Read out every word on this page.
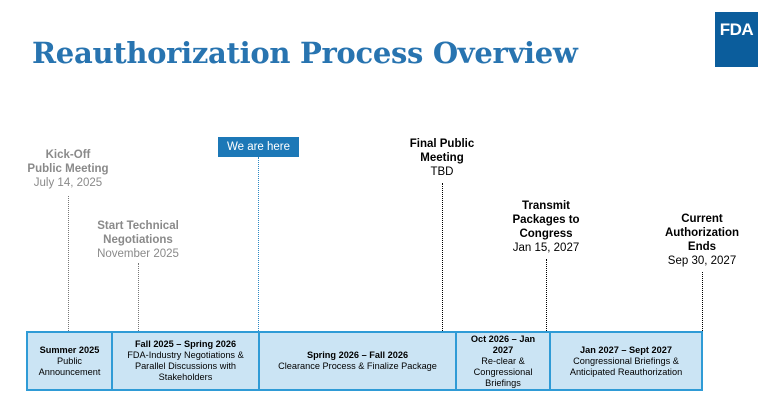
Reauthorization Process Overview
FDA
Kick-Off
Public Meeting
July 14, 2025
Start Technical
Negotiations
November 2025
Final Public
Meeting
TBD
Transmit
Packages to
Congress
Jan 15, 2027
Current
Authorization
Ends
Sep 30, 2027
We are here
Summer 2025
Public Announcement
Fall 2025 – Spring 2026
FDA-Industry Negotiations & Parallel Discussions with Stakeholders
Spring 2026 – Fall 2026
Clearance Process & Finalize Package
Oct 2026 – Jan 2027
Re-clear & Congressional Briefings
Jan 2027 – Sept 2027
Congressional Briefings & Anticipated Reauthorization
